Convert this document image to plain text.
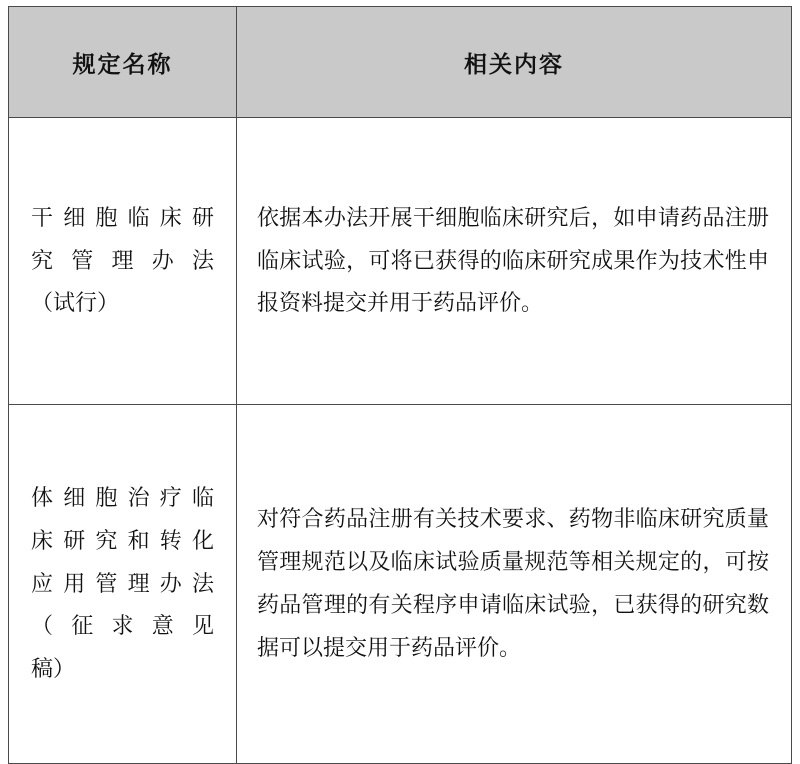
规定名称	相关内容

干细胞临床研
究 管 理 办 法
（试行）	依据本办法开展干细胞临床研究后，如申请药品注册临床试验，可将已获得的临床研究成果作为技术性申报资料提交并用于药品评价。

体细胞治疗临
床研究和转化
应用管理办法
（ 征 求 意 见
稿）	对符合药品注册有关技术要求、药物非临床研究质量管理规范以及临床试验质量规范等相关规定的，可按药品管理的有关程序申请临床试验，已获得的研究数据可以提交用于药品评价。
